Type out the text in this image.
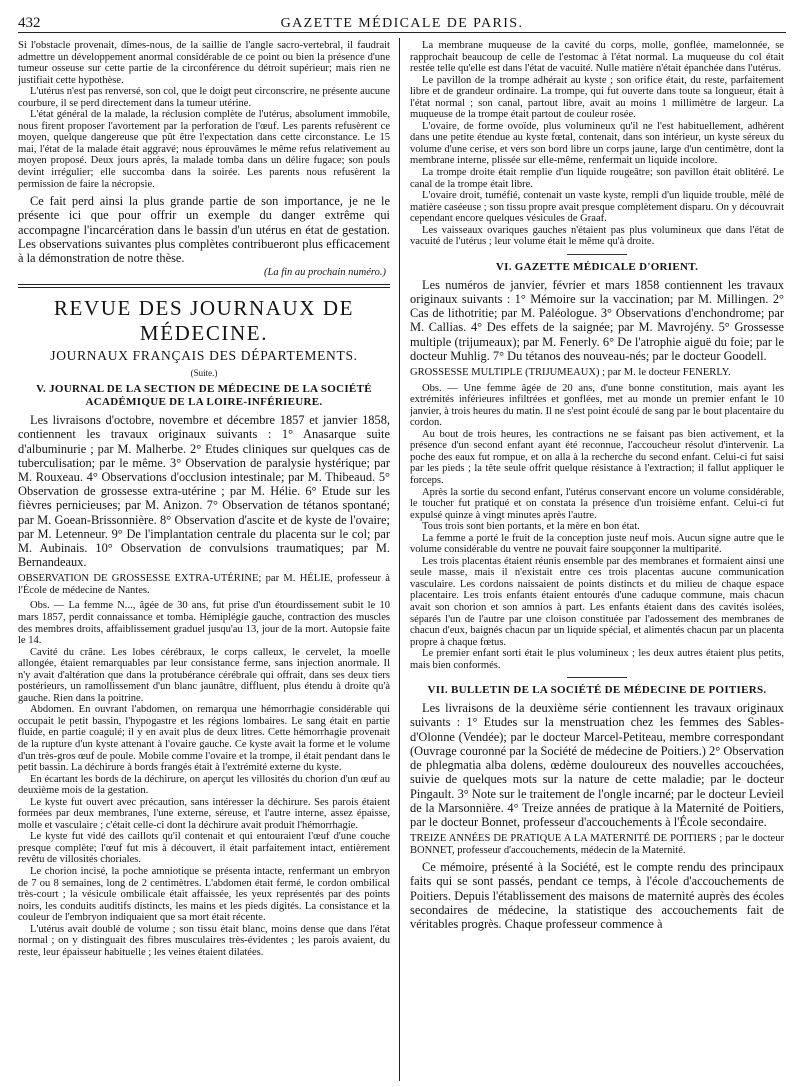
432	GAZETTE MÉDICALE DE PARIS.

Si l'obstacle provenait, dîmes-nous, de la saillie de l'angle sacro-vertebral, il faudrait admettre un développement anormal considérable de ce point ou bien la présence d'une tumeur osseuse sur cette partie de la circonférence du détroit supérieur; mais rien ne justifiait cette hypothèse.

L'utérus n'est pas renversé, son col, que le doigt peut circonscrire, ne présente aucune courbure, il se perd directement dans la tumeur utérine.

L'état général de la malade, la réclusion complète de l'utérus, absolument immobile, nous firent proposer l'avortement par la perforation de l'œuf. Les parents refusèrent ce moyen, quelque dangereuse que pût être l'expectation dans cette circonstance. Le 15 mai, l'état de la malade était aggravé; nous éprouvâmes le même refus relativement au moyen proposé. Deux jours après, la malade tomba dans un délire fugace; son pouls devint irrégulier; elle succomba dans la soirée. Les parents nous refusèrent la permission de faire la nécropsie.

Ce fait perd ainsi la plus grande partie de son importance, je ne le présente ici que pour offrir un exemple du danger extrême qui accompagne l'incarcération dans le bassin d'un utérus en état de gestation. Les observations suivantes plus complètes contribueront plus efficacement à la démonstration de notre thèse.

(La fin au prochain numéro.)
REVUE DES JOURNAUX DE MÉDECINE.
JOURNAUX FRANÇAIS DES DÉPARTEMENTS.
(Suite.)
V. JOURNAL DE LA SECTION DE MÉDECINE DE LA SOCIÉTÉ ACADÉMIQUE DE LA LOIRE-INFÉRIEURE.

Les livraisons d'octobre, novembre et décembre 1857 et janvier 1858, contiennent les travaux originaux suivants : 1° Anasarque suite d'albuminurie ; par M. Malherbe. 2° Etudes cliniques sur quelques cas de tuberculisation; par le même. 3° Observation de paralysie hystérique; par M. Rouxeau. 4° Observations d'occlusion intestinale; par M. Thibeaud. 5° Observation de grossesse extra-utérine ; par M. Hélie. 6° Etude sur les fièvres pernicieuses; par M. Anizon. 7° Observation de tétanos spontané; par M. Goean-Brissonnière. 8° Observation d'ascite et de kyste de l'ovaire; par M. Letenneur. 9° De l'implantation centrale du placenta sur le col; par M. Aubinais. 10° Observation de convulsions traumatiques; par M. Bernandeaux.

OBSERVATION DE GROSSESSE EXTRA-UTÉRINE; par M. HÉLIE, professeur à l'École de médecine de Nantes.

Obs. — La femme N..., âgée de 30 ans, fut prise d'un étourdissement subit le 10 mars 1857, perdit connaissance et tomba. Hémiplégie gauche, contraction des muscles des membres droits, affaiblissement graduel jusqu'au 13, jour de la mort. Autopsie faite le 14.

Cavité du crâne. Les lobes cérébraux, le corps calleux, le cervelet, la moelle allongée, étaient remarquables par leur consistance ferme, sans injection anormale. Il n'y avait d'altération que dans la protubérance cérébrale qui offrait, dans ses deux tiers postérieurs, un ramollissement d'un blanc jaunâtre, diffluent, plus étendu à droite qu'à gauche. Rien dans la poitrine.

Abdomen. En ouvrant l'abdomen, on remarqua une hémorrhagie considérable qui occupait le petit bassin, l'hypogastre et les régions lombaires. Le sang était en partie fluide, en partie coagulé; il y en avait plus de deux litres. Cette hémorrhagie provenait de la rupture d'un kyste attenant à l'ovaire gauche. Ce kyste avait la forme et le volume d'un très-gros œuf de poule. Mobile comme l'ovaire et la trompe, il était pendant dans le petit bassin. La déchirure à bords frangés était à l'extrémité externe du kyste.

En écartant les bords de la déchirure, on aperçut les villosités du chorion d'un œuf au deuxième mois de la gestation.

Le kyste fut ouvert avec précaution, sans intéresser la déchirure. Ses parois étaient formées par deux membranes, l'une externe, séreuse, et l'autre interne, assez épaisse, molle et vasculaire ; c'était celle-ci dont la déchirure avait produit l'hémorrhagie.

Le kyste fut vidé des caillots qu'il contenait et qui entouraient l'œuf d'une couche presque complète; l'œuf fut mis à découvert, il était parfaitement intact, entièrement revêtu de villosités choriales.

Le chorion incisé, la poche amniotique se présenta intacte, renfermant un embryon de 7 ou 8 semaines, long de 2 centimètres. L'abdomen était fermé, le cordon ombilical très-court ; la vésicule ombilicale était affaissée, les yeux représentés par des points noirs, les conduits auditifs distincts, les mains et les pieds digités. La consistance et la couleur de l'embryon indiquaient que sa mort était récente.

L'utérus avait doublé de volume ; son tissu était blanc, moins dense que dans l'état normal ; on y distinguait des fibres musculaires très-évidentes ; les parois avaient, du reste, leur épaisseur habituelle ; les veines étaient dilatées.

La membrane muqueuse de la cavité du corps, molle, gonflée, mamelonnée, se rapprochait beaucoup de celle de l'estomac à l'état normal. La muqueuse du col était restée telle qu'elle est dans l'état de vacuité. Nulle matière n'était épanchée dans l'utérus.

Le pavillon de la trompe adhérait au kyste ; son orifice était, du reste, parfaitement libre et de grandeur ordinaire. La trompe, qui fut ouverte dans toute sa longueur, était à l'état normal ; son canal, partout libre, avait au moins 1 millimètre de largeur. La muqueuse de la trompe était partout de couleur rosée.

L'ovaire, de forme ovoïde, plus volumineux qu'il ne l'est habituellement, adhérent dans une petite étendue au kyste fœtal, contenait, dans son intérieur, un kyste séreux du volume d'une cerise, et vers son bord libre un corps jaune, large d'un centimètre, dont la membrane interne, plissée sur elle-même, renfermait un liquide incolore.

La trompe droite était remplie d'un liquide rougeâtre; son pavillon était oblitéré. Le canal de la trompe était libre.

L'ovaire droit, tuméfié, contenait un vaste kyste, rempli d'un liquide trouble, mêlé de matière caséeuse ; son tissu propre avait presque complètement disparu. On y découvrait cependant encore quelques vésicules de Graaf.

Les vaisseaux ovariques gauches n'étaient pas plus volumineux que dans l'état de vacuité de l'utérus ; leur volume était le même qu'à droite.

VI. GAZETTE MÉDICALE D'ORIENT.

Les numéros de janvier, février et mars 1858 contiennent les travaux originaux suivants : 1° Mémoire sur la vaccination; par M. Millingen. 2° Cas de lithotritie; par M. Paléologue. 3° Observations d'enchondrome; par M. Callias. 4° Des effets de la saignée; par M. Mavrojény. 5° Grossesse multiple (trijumeaux); par M. Fenerly. 6° De l'atrophie aiguë du foie; par le docteur Muhlig. 7° Du tétanos des nouveau-nés; par le docteur Goodell.

GROSSESSE MULTIPLE (TRIJUMEAUX) ; par M. le docteur FENERLY.

Obs. — Une femme âgée de 20 ans, d'une bonne constitution, mais ayant les extrémités inférieures infiltrées et gonflées, met au monde un premier enfant le 10 janvier, à trois heures du matin. Il ne s'est point écoulé de sang par le bout placentaire du cordon.

Au bout de trois heures, les contractions ne se faisant pas bien activement, et la présence d'un second enfant ayant été reconnue, l'accoucheur résolut d'intervenir. La poche des eaux fut rompue, et on alla à la recherche du second enfant. Celui-ci fut saisi par les pieds ; la tête seule offrit quelque résistance à l'extraction; il fallut appliquer le forceps.

Après la sortie du second enfant, l'utérus conservant encore un volume considérable, le toucher fut pratiqué et on constata la présence d'un troisième enfant. Celui-ci fut expulsé quinze à vingt minutes après l'autre.

Tous trois sont bien portants, et la mère en bon état.

La femme a porté le fruit de la conception juste neuf mois. Aucun signe autre que le volume considérable du ventre ne pouvait faire soupçonner la multiparité.

Les trois placentas étaient réunis ensemble par des membranes et formaient ainsi une seule masse, mais il n'existait entre ces trois placentas aucune communication vasculaire. Les cordons naissaient de points distincts et du milieu de chaque espace placentaire. Les trois enfants étaient entourés d'une caduque commune, mais chacun avait son chorion et son amnios à part. Les enfants étaient dans des cavités isolées, séparés l'un de l'autre par une cloison constituée par l'adossement des membranes de chacun d'eux, baignés chacun par un liquide spécial, et alimentés chacun par un placenta propre à chaque fœtus.

Le premier enfant sorti était le plus volumineux ; les deux autres étaient plus petits, mais bien conformés.

VII. BULLETIN DE LA SOCIÉTÉ DE MÉDECINE DE POITIERS.

Les livraisons de la deuxième série contiennent les travaux originaux suivants : 1° Etudes sur la menstruation chez les femmes des Sables-d'Olonne (Vendée); par le docteur Marcel-Petiteau, membre correspondant (Ouvrage couronné par la Société de médecine de Poitiers.) 2° Observation de phlegmatia alba dolens, œdème douloureux des nouvelles accouchées, suivie de quelques mots sur la nature de cette maladie; par le docteur Pingault. 3° Note sur le traitement de l'ongle incarné; par le docteur Levieil de la Marsonnière. 4° Treize années de pratique à la Maternité de Poitiers, par le docteur Bonnet, professeur d'accouchements à l'École secondaire.

TREIZE ANNÉES DE PRATIQUE A LA MATERNITÉ DE POITIERS ; par le docteur BONNET, professeur d'accouchements, médecin de la Maternité.

Ce mémoire, présenté à la Société, est le compte rendu des principaux faits qui se sont passés, pendant ce temps, à l'école d'accouchements de Poitiers. Depuis l'établissement des maisons de maternité auprès des écoles secondaires de médecine, la statistique des accouchements fait de véritables progrès. Chaque professeur commence à
